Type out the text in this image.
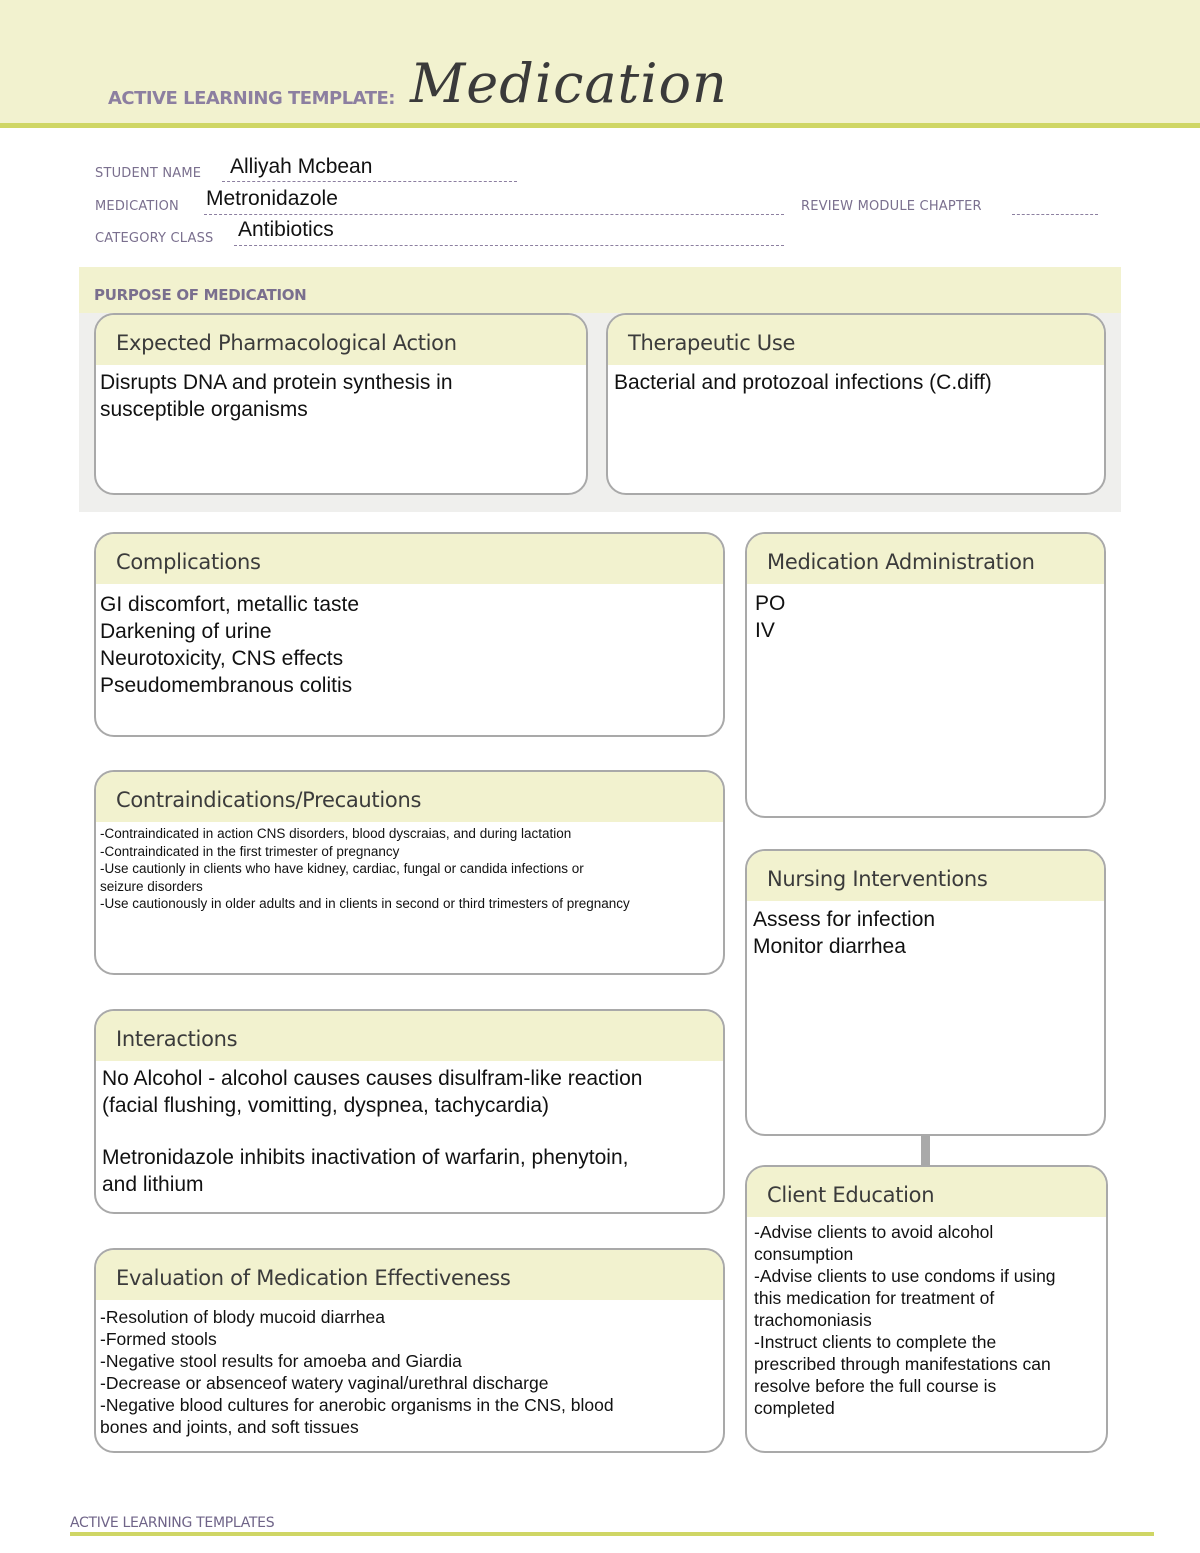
ACTIVE LEARNING TEMPLATE: Medication
STUDENT NAME Alliyah Mcbean
MEDICATION Metronidazole	REVIEW MODULE CHAPTER
CATEGORY CLASS Antibiotics
PURPOSE OF MEDICATION
Expected Pharmacological Action
Disrupts DNA and protein synthesis in
susceptible organisms
Therapeutic Use
Bacterial and protozoal infections (C.diff)
Complications
GI discomfort, metallic taste
Darkening of urine
Neurotoxicity, CNS effects
Pseudomembranous colitis
Medication Administration
PO
IV
Contraindications/Precautions
-Contraindicated in action CNS disorders, blood dyscraias, and during lactation
-Contraindicated in the first trimester of pregnancy
-Use cautionly in clients who have kidney, cardiac, fungal or candida infections or
seizure disorders
-Use cautionously in older adults and in clients in second or third trimesters of pregnancy
Nursing Interventions
Assess for infection
Monitor diarrhea
Interactions
No Alcohol - alcohol causes causes disulfram-like reaction
(facial flushing, vomitting, dyspnea, tachycardia)
Metronidazole inhibits inactivation of warfarin, phenytoin,
and lithium	Client Education
-Advise clients to avoid alcohol
consumption
-Advise clients to use condoms if using
this medication for treatment of
trachomoniasis
-Instruct clients to complete the
prescribed through manifestations can
resolve before the full course is
completed
Evaluation of Medication Effectiveness
-Resolution of blody mucoid diarrhea
-Formed stools
-Negative stool results for amoeba and Giardia
-Decrease or absenceof watery vaginal/urethral discharge
-Negative blood cultures for anerobic organisms in the CNS, blood
bones and joints, and soft tissues
ACTIVE LEARNING TEMPLATES
